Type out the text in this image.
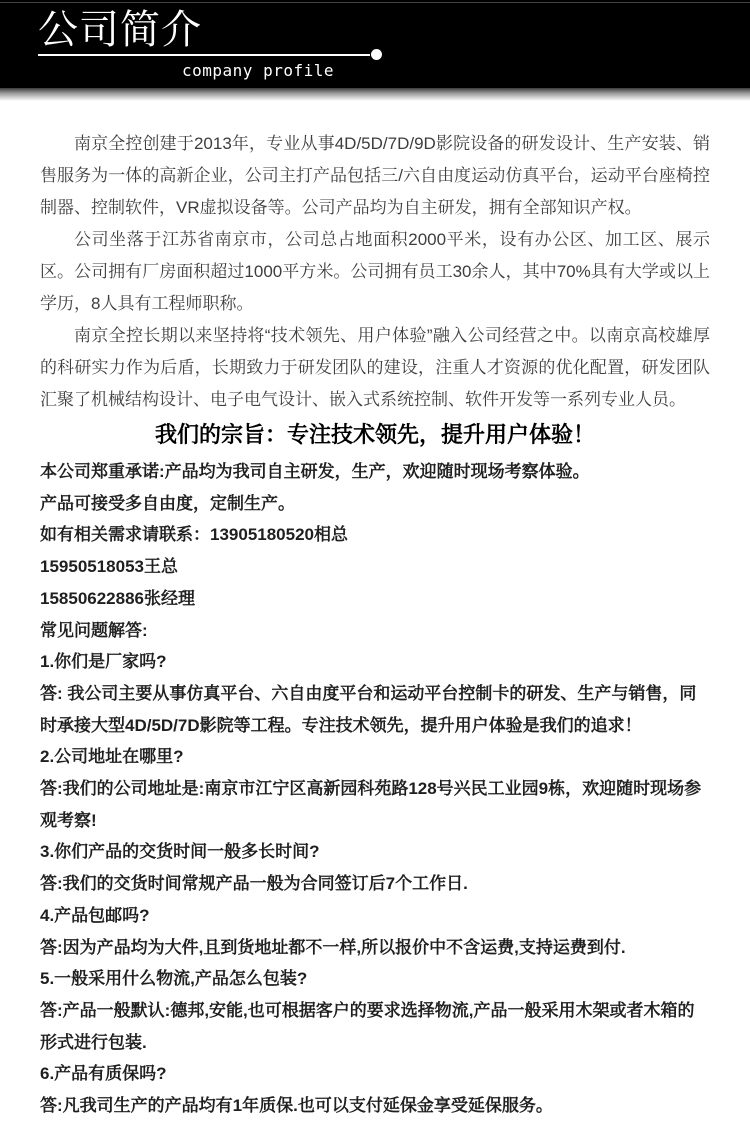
公司简介
company profile

南京全控创建于2013年，专业从事4D/5D/7D/9D影院设备的研发设计、生产安装、销售服务为一体的高新企业，公司主打产品包括三/六自由度运动仿真平台，运动平台座椅控制器、控制软件，VR虚拟设备等。公司产品均为自主研发，拥有全部知识产权。

公司坐落于江苏省南京市，公司总占地面积2000平米，设有办公区、加工区、展示区。公司拥有厂房面积超过1000平方米。公司拥有员工30余人，其中70%具有大学或以上学历，8人具有工程师职称。

南京全控长期以来坚持将“技术领先、用户体验”融入公司经营之中。以南京高校雄厚的科研实力作为后盾，长期致力于研发团队的建设，注重人才资源的优化配置，研发团队汇聚了机械结构设计、电子电气设计、嵌入式系统控制、软件开发等一系列专业人员。

我们的宗旨：专注技术领先，提升用户体验！

本公司郑重承诺:产品均为我司自主研发，生产，欢迎随时现场考察体验。

产品可接受多自由度，定制生产。

如有相关需求请联系：13905180520相总

15950518053王总

15850622886张经理

常见问题解答:

1.你们是厂家吗?

答: 我公司主要从事仿真平台、六自由度平台和运动平台控制卡的研发、生产与销售，同时承接大型4D/5D/7D影院等工程。专注技术领先，提升用户体验是我们的追求！

2.公司地址在哪里?

答:我们的公司地址是:南京市江宁区高新园科苑路128号兴民工业园9栋，欢迎随时现场参观考察!

3.你们产品的交货时间一般多长时间?

答:我们的交货时间常规产品一般为合同签订后7个工作日.

4.产品包邮吗?

答:因为产品均为大件,且到货地址都不一样,所以报价中不含运费,支持运费到付.

5.一般采用什么物流,产品怎么包装?

答:产品一般默认:德邦,安能,也可根据客户的要求选择物流,产品一般采用木架或者木箱的形式进行包装.

6.产品有质保吗?

答:凡我司生产的产品均有1年质保.也可以支付延保金享受延保服务。
